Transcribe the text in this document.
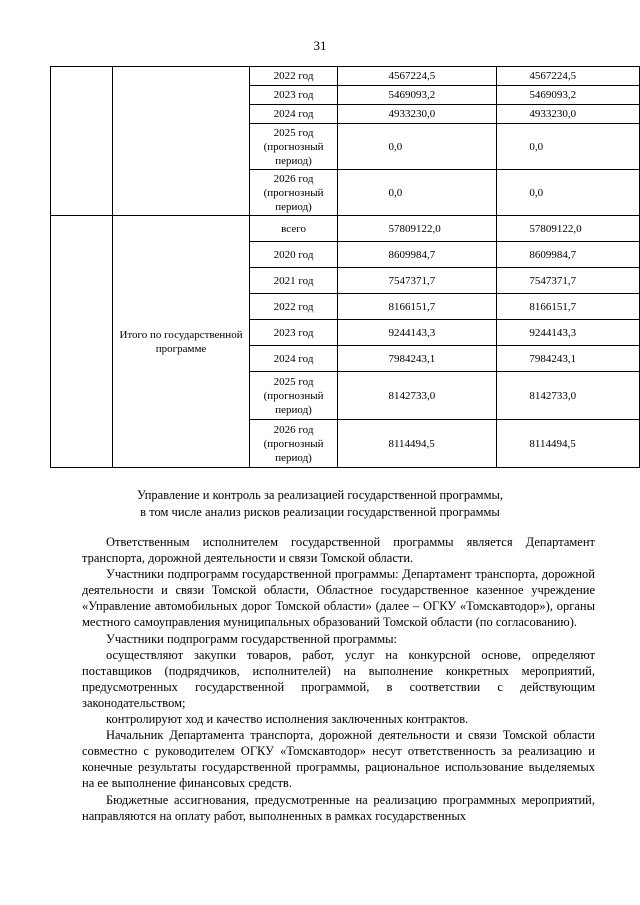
31
		2022 год	4567224,5	4567224,5
		2023 год	5469093,2	5469093,2
		2024 год	4933230,0	4933230,0
		2025 год (прогнозный период)	0,0	0,0
		2026 год (прогнозный период)	0,0	0,0
	Итого по государственной программе	всего	57809122,0	57809122,0
		2020 год	8609984,7	8609984,7
		2021 год	7547371,7	7547371,7
		2022 год	8166151,7	8166151,7
		2023 год	9244143,3	9244143,3
		2024 год	7984243,1	7984243,1
		2025 год (прогнозный период)	8142733,0	8142733,0
		2026 год (прогнозный период)	8114494,5	8114494,5
Управление и контроль за реализацией государственной программы,
в том числе анализ рисков реализации государственной программы

Ответственным исполнителем государственной программы является Департамент транспорта, дорожной деятельности и связи Томской области.

Участники подпрограмм государственной программы: Департамент транспорта, дорожной деятельности и связи Томской области, Областное государственное казенное учреждение «Управление автомобильных дорог Томской области» (далее – ОГКУ «Томскавтодор»), органы местного самоуправления муниципальных образований Томской области (по согласованию).

Участники подпрограмм государственной программы:

осуществляют закупки товаров, работ, услуг на конкурсной основе, определяют поставщиков (подрядчиков, исполнителей) на выполнение конкретных мероприятий, предусмотренных государственной программой, в соответствии с действующим законодательством;

контролируют ход и качество исполнения заключенных контрактов.

Начальник Департамента транспорта, дорожной деятельности и связи Томской области совместно с руководителем ОГКУ «Томскавтодор» несут ответственность за реализацию и конечные результаты государственной программы, рациональное использование выделяемых на ее выполнение финансовых средств.

Бюджетные ассигнования, предусмотренные на реализацию программных мероприятий, направляются на оплату работ, выполненных в рамках государственных
